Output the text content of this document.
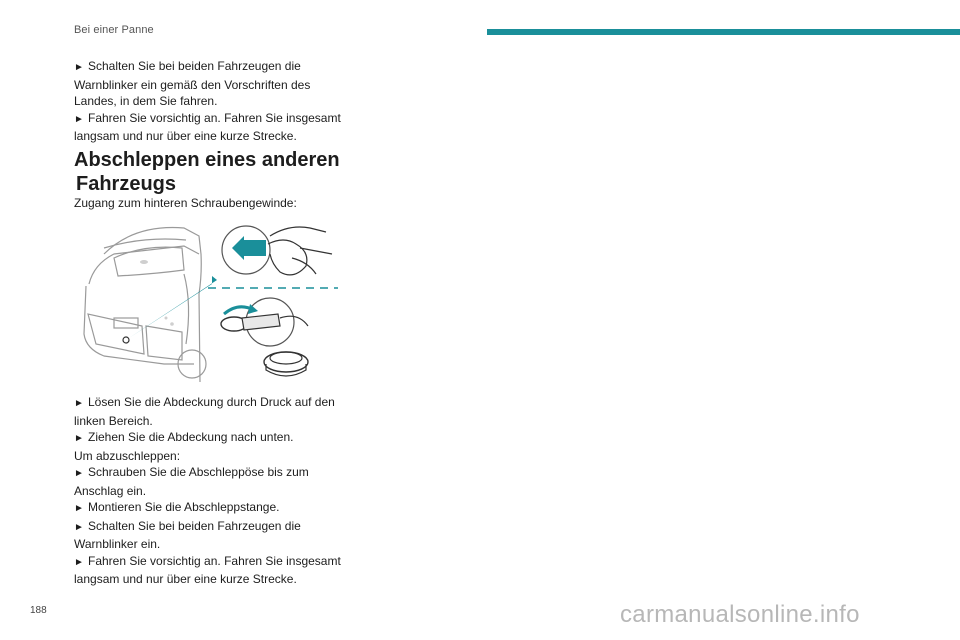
Bei einer Panne

► Schalten Sie bei beiden Fahrzeugen die Warnblinker ein gemäß den Vorschriften des Landes, in dem Sie fahren.

► Fahren Sie vorsichtig an. Fahren Sie insgesamt langsam und nur über eine kurze Strecke.

Abschleppen eines anderen
Fahrzeugs
Zugang zum hinteren Schraubengewinde:

► Lösen Sie die Abdeckung durch Druck auf den linken Bereich.

► Ziehen Sie die Abdeckung nach unten.

Um abzuschleppen:

► Schrauben Sie die Abschleppöse bis zum Anschlag ein.

► Montieren Sie die Abschleppstange.

► Schalten Sie bei beiden Fahrzeugen die Warnblinker ein.

► Fahren Sie vorsichtig an. Fahren Sie insgesamt langsam und nur über eine kurze Strecke.

188	carmanualsonline.info
